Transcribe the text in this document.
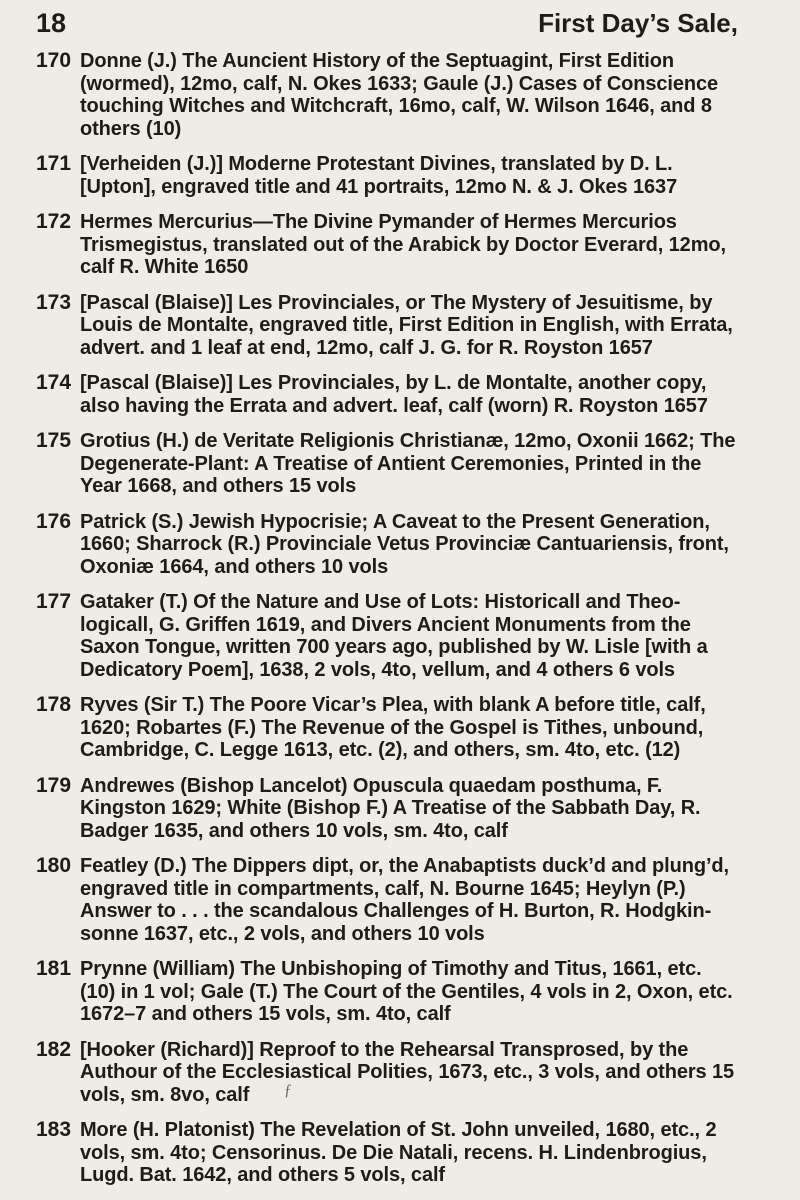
18	First Day’s Sale,
170 Donne (J.) The Auncient History of the Septuagint, First Edition (wormed), 12mo, calf, N. Okes 1633; Gaule (J.) Cases of Conscience touching Witches and Witchcraft, 16mo, calf, W. Wilson 1646, and 8 others (10)
171 [Verheiden (J.)] Moderne Protestant Divines, translated by D. L. [Upton], engraved title and 41 portraits, 12mo N. & J. Okes 1637
172 Hermes Mercurius—The Divine Pymander of Hermes Mercurios Trismegistus, translated out of the Arabick by Doctor Everard, 12mo, calf R. White 1650
173 [Pascal (Blaise)] Les Provinciales, or The Mystery of Jesuitisme, by Louis de Montalte, engraved title, First Edition in English, with Errata, advert. and 1 leaf at end, 12mo, calf J. G. for R. Royston 1657
174 [Pascal (Blaise)] Les Provinciales, by L. de Montalte, another copy, also having the Errata and advert. leaf, calf (worn) R. Royston 1657
175 Grotius (H.) de Veritate Religionis Christianæ, 12mo, Oxonii 1662; The Degenerate-Plant: A Treatise of Antient Ceremonies, Printed in the Year 1668, and others 15 vols
176 Patrick (S.) Jewish Hypocrisie; A Caveat to the Present Generation, 1660; Sharrock (R.) Provinciale Vetus Provinciæ Cantuariensis, front, Oxoniæ 1664, and others 10 vols
177 Gataker (T.) Of the Nature and Use of Lots: Historicall and Theo-logicall, G. Griffen 1619, and Divers Ancient Monuments from the Saxon Tongue, written 700 years ago, published by W. Lisle [with a Dedicatory Poem], 1638, 2 vols, 4to, vellum, and 4 others 6 vols
178 Ryves (Sir T.) The Poore Vicar’s Plea, with blank A before title, calf, 1620; Robartes (F.) The Revenue of the Gospel is Tithes, unbound, Cambridge, C. Legge 1613, etc. (2), and others, sm. 4to, etc. (12)
179 Andrewes (Bishop Lancelot) Opuscula quaedam posthuma, F. Kingston 1629; White (Bishop F.) A Treatise of the Sabbath Day, R. Badger 1635, and others 10 vols, sm. 4to, calf
180 Featley (D.) The Dippers dipt, or, the Anabaptists duck’d and plung’d, engraved title in compartments, calf, N. Bourne 1645; Heylyn (P.) Answer to . . . the scandalous Challenges of H. Burton, R. Hodgkin-sonne 1637, etc., 2 vols, and others 10 vols
181 Prynne (William) The Unbishoping of Timothy and Titus, 1661, etc. (10) in 1 vol; Gale (T.) The Court of the Gentiles, 4 vols in 2, Oxon, etc. 1672–7 and others 15 vols, sm. 4to, calf
182 [Hooker (Richard)] Reproof to the Rehearsal Transprosed, by the Authour of the Ecclesiastical Polities, 1673, etc., 3 vols, and others 15 vols, sm. 8vo, calf
183 More (H. Platonist) The Revelation of St. John unveiled, 1680, etc., 2 vols, sm. 4to; Censorinus. De Die Natali, recens. H. Lindenbrogius, Lugd. Bat. 1642, and others 5 vols, calf
ƒ
